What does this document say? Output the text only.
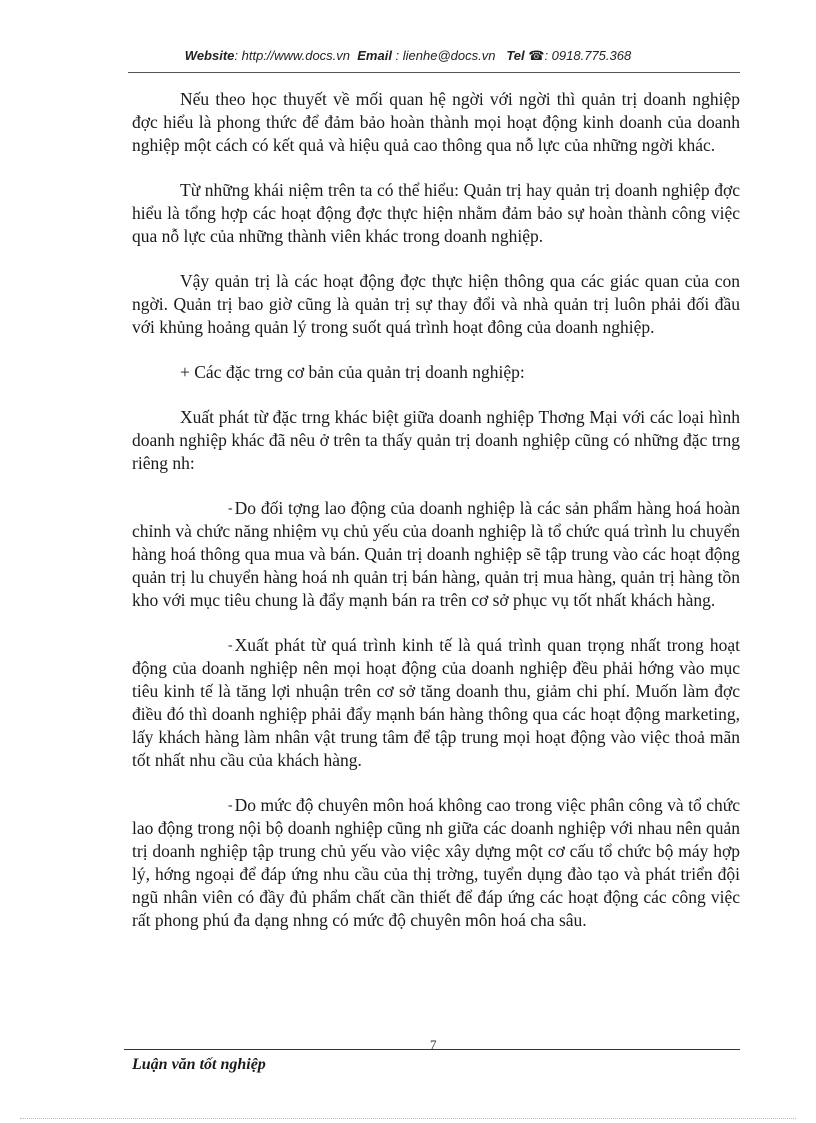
Website: http://www.docs.vn Email : lienhe@docs.vn Tel ☎: 0918.775.368

Nếu theo học thuyết về mối quan hệ ngời với ngời thì quản trị doanh nghiệp đợc hiểu là phong thức để đảm bảo hoàn thành mọi hoạt động kinh doanh của doanh nghiệp một cách có kết quả và hiệu quả cao thông qua nỗ lực của những ngời khác.

Từ những khái niệm trên ta có thể hiểu: Quản trị hay quản trị doanh nghiệp đợc hiểu là tổng hợp các hoạt động đợc thực hiện nhằm đảm bảo sự hoàn thành công việc qua nỗ lực của những thành viên khác trong doanh nghiệp.

Vậy quản trị là các hoạt động đợc thực hiện thông qua các giác quan của con ngời. Quản trị bao giờ cũng là quản trị sự thay đổi và nhà quản trị luôn phải đối đầu với khủng hoảng quản lý trong suốt quá trình hoạt đông của doanh nghiệp.

+ Các đặc trng cơ bản của quản trị doanh nghiệp:

Xuất phát từ đặc trng khác biệt giữa doanh nghiệp Thơng Mại với các loại hình doanh nghiệp khác đã nêu ở trên ta thấy quản trị doanh nghiệp cũng có những đặc trng riêng nh:

- Do đối tợng lao động của doanh nghiệp là các sản phẩm hàng hoá hoàn chỉnh và chức năng nhiệm vụ chủ yếu của doanh nghiệp là tổ chức quá trình lu chuyển hàng hoá thông qua mua và bán. Quản trị doanh nghiệp sẽ tập trung vào các hoạt động quản trị lu chuyển hàng hoá nh quản trị bán hàng, quản trị mua hàng, quản trị hàng tồn kho với mục tiêu chung là đẩy mạnh bán ra trên cơ sở phục vụ tốt nhất khách hàng.

- Xuất phát từ quá trình kinh tế là quá trình quan trọng nhất trong hoạt động của doanh nghiệp nên mọi hoạt động của doanh nghiệp đều phải hớng vào mục tiêu kinh tế là tăng lợi nhuận trên cơ sở tăng doanh thu, giảm chi phí. Muốn làm đợc điều đó thì doanh nghiệp phải đẩy mạnh bán hàng thông qua các hoạt động marketing, lấy khách hàng làm nhân vật trung tâm để tập trung mọi hoạt động vào việc thoả mãn tốt nhất nhu cầu của khách hàng.

- Do mức độ chuyên môn hoá không cao trong việc phân công và tổ chức lao động trong nội bộ doanh nghiệp cũng nh giữa các doanh nghiệp với nhau nên quản trị doanh nghiệp tập trung chủ yếu vào việc xây dựng một cơ cấu tổ chức bộ máy hợp lý, hớng ngoại để đáp ứng nhu cầu của thị trờng, tuyển dụng đào tạo và phát triển đội ngũ nhân viên có đầy đủ phẩm chất cần thiết để đáp ứng các hoạt động các công việc rất phong phú đa dạng nhng có mức độ chuyên môn hoá cha sâu.

7
Luận văn tốt nghiệp
